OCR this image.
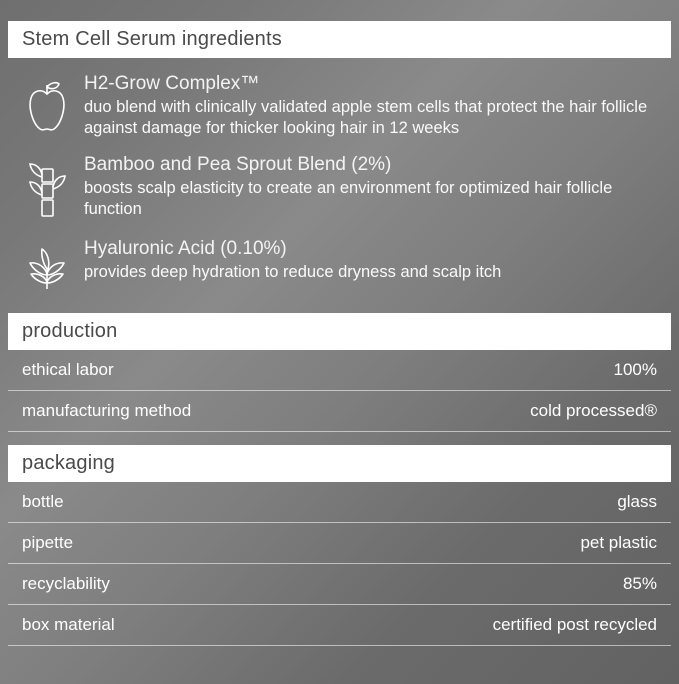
Stem Cell Serum ingredients
H2-Grow Complex™
duo blend with clinically validated apple stem cells that protect the hair follicle against damage for thicker looking hair in 12 weeks
Bamboo and Pea Sprout Blend (2%)
boosts scalp elasticity to create an environment for optimized hair follicle function
Hyaluronic Acid (0.10%)
provides deep hydration to reduce dryness and scalp itch
production
ethical labor	100%
manufacturing method	cold processed®
packaging
bottle	glass
pipette	pet plastic
recyclability	85%
box material	certified post recycled
